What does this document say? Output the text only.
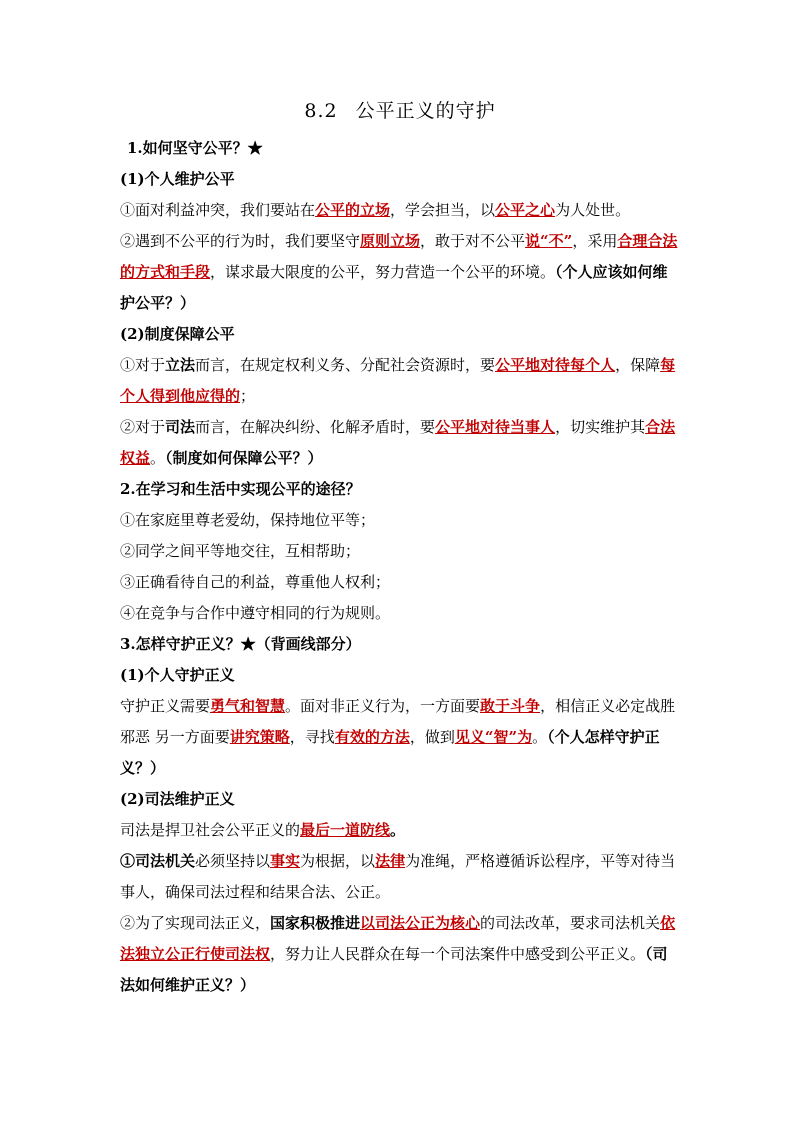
8.2 公平正义的守护

1.如何坚守公平？★

(1)个人维护公平

①面对利益冲突，我们要站在公平的立场，学会担当，以公平之心为人处世。

②遇到不公平的行为时，我们要坚守原则立场，敢于对不公平说“不”，采用合理合法的方式和手段，谋求最大限度的公平，努力营造一个公平的环境。（个人应该如何维护公平？）

(2)制度保障公平

①对于立法而言，在规定权利义务、分配社会资源时，要公平地对待每个人，保障每个人得到他应得的；

②对于司法而言，在解决纠纷、化解矛盾时，要公平地对待当事人，切实维护其合法权益。（制度如何保障公平？）

2.在学习和生活中实现公平的途径？

①在家庭里尊老爱幼，保持地位平等；

②同学之间平等地交往，互相帮助；

③正确看待自己的利益，尊重他人权利；

④在竞争与合作中遵守相同的行为规则。

3.怎样守护正义？★（背画线部分）

(1)个人守护正义

守护正义需要勇气和智慧。面对非正义行为，一方面要敢于斗争，相信正义必定战胜邪恶 另一方面要讲究策略，寻找有效的方法，做到见义“智”为。（个人怎样守护正义？）

(2)司法维护正义

司法是捍卫社会公平正义的最后一道防线。

①司法机关必须坚持以事实为根据，以法律为准绳，严格遵循诉讼程序，平等对待当事人，确保司法过程和结果合法、公正。

②为了实现司法正义，国家积极推进以司法公正为核心的司法改革，要求司法机关依法独立公正行使司法权，努力让人民群众在每一个司法案件中感受到公平正义。（司法如何维护正义？）
